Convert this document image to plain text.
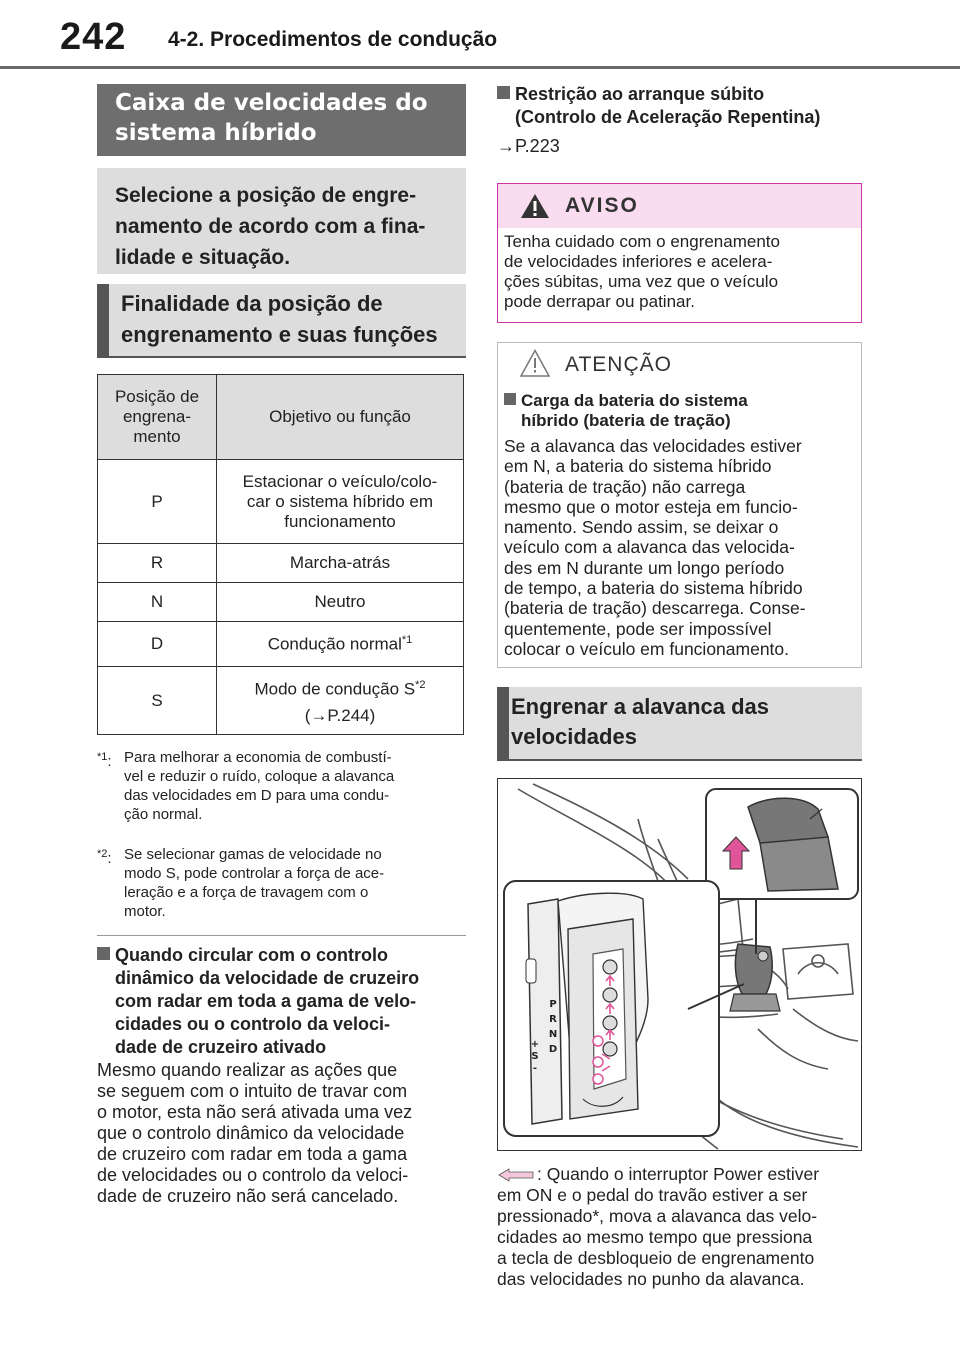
242 4-2. Procedimentos de condução
Caixa de velocidades do
sistema híbrido
Selecione a posição de engre-
namento de acordo com a fina-
lidade e situação.
Finalidade da posição de
engrenamento e suas funções
Posição de
engrena-
mento	Objetivo ou função
P	Estacionar o veículo/colo-
car o sistema híbrido em
funcionamento

R	Marcha-atrás
N	Neutro
D	Condução normal$^{*1}$
S	Modo de condução $S^{*2}$
(→P.244)
$^{*1}$: Para melhorar a economia de combustí-
vel e reduzir o ruído, coloque a alavanca
das velocidades em D para uma condu-
ção normal.
$^{*2}$: Se selecionar gamas de velocidade no
modo S, pode controlar a força de ace-
leração e a força de travagem com o
motor.
Quando circular com o controlo
dinâmico da velocidade de cruzeiro
com radar em toda a gama de velo-
cidades ou o controlo da veloci-
dade de cruzeiro ativado
Mesmo quando realizar as ações que
se seguem com o intuito de travar com
o motor, esta não será ativada uma vez
que o controlo dinâmico da velocidade
de cruzeiro com radar em toda a gama
de velocidades ou o controlo da veloci-
dade de cruzeiro não será cancelado.
Restrição ao arranque súbito
(Controlo de Aceleração Repentina)
→P.223
AVISO
Tenha cuidado com o engrenamento
de velocidades inferiores e acelera-
ções súbitas, uma vez que o veículo
pode derrapar ou patinar.
ATENÇÃO
Carga da bateria do sistema
híbrido (bateria de tração)
Se a alavanca das velocidades estiver
em N, a bateria do sistema híbrido
(bateria de tração) não carrega
mesmo que o motor esteja em funcio-
namento. Sendo assim, se deixar o
veículo com a alavanca das velocida-
des em N durante um longo período
de tempo, a bateria do sistema híbrido
(bateria de tração) descarrega. Conse-
quentemente, pode ser impossível
colocar o veículo em funcionamento.
Engrenar a alavanca das
velocidades
P
R
N
D
+
S
-
: Quando o interruptor Power estiver
em ON e o pedal do travão estiver a ser
pressionado*, mova a alavanca das velo-
cidades ao mesmo tempo que pressiona
a tecla de desbloqueio de engrenamento
das velocidades no punho da alavanca.
